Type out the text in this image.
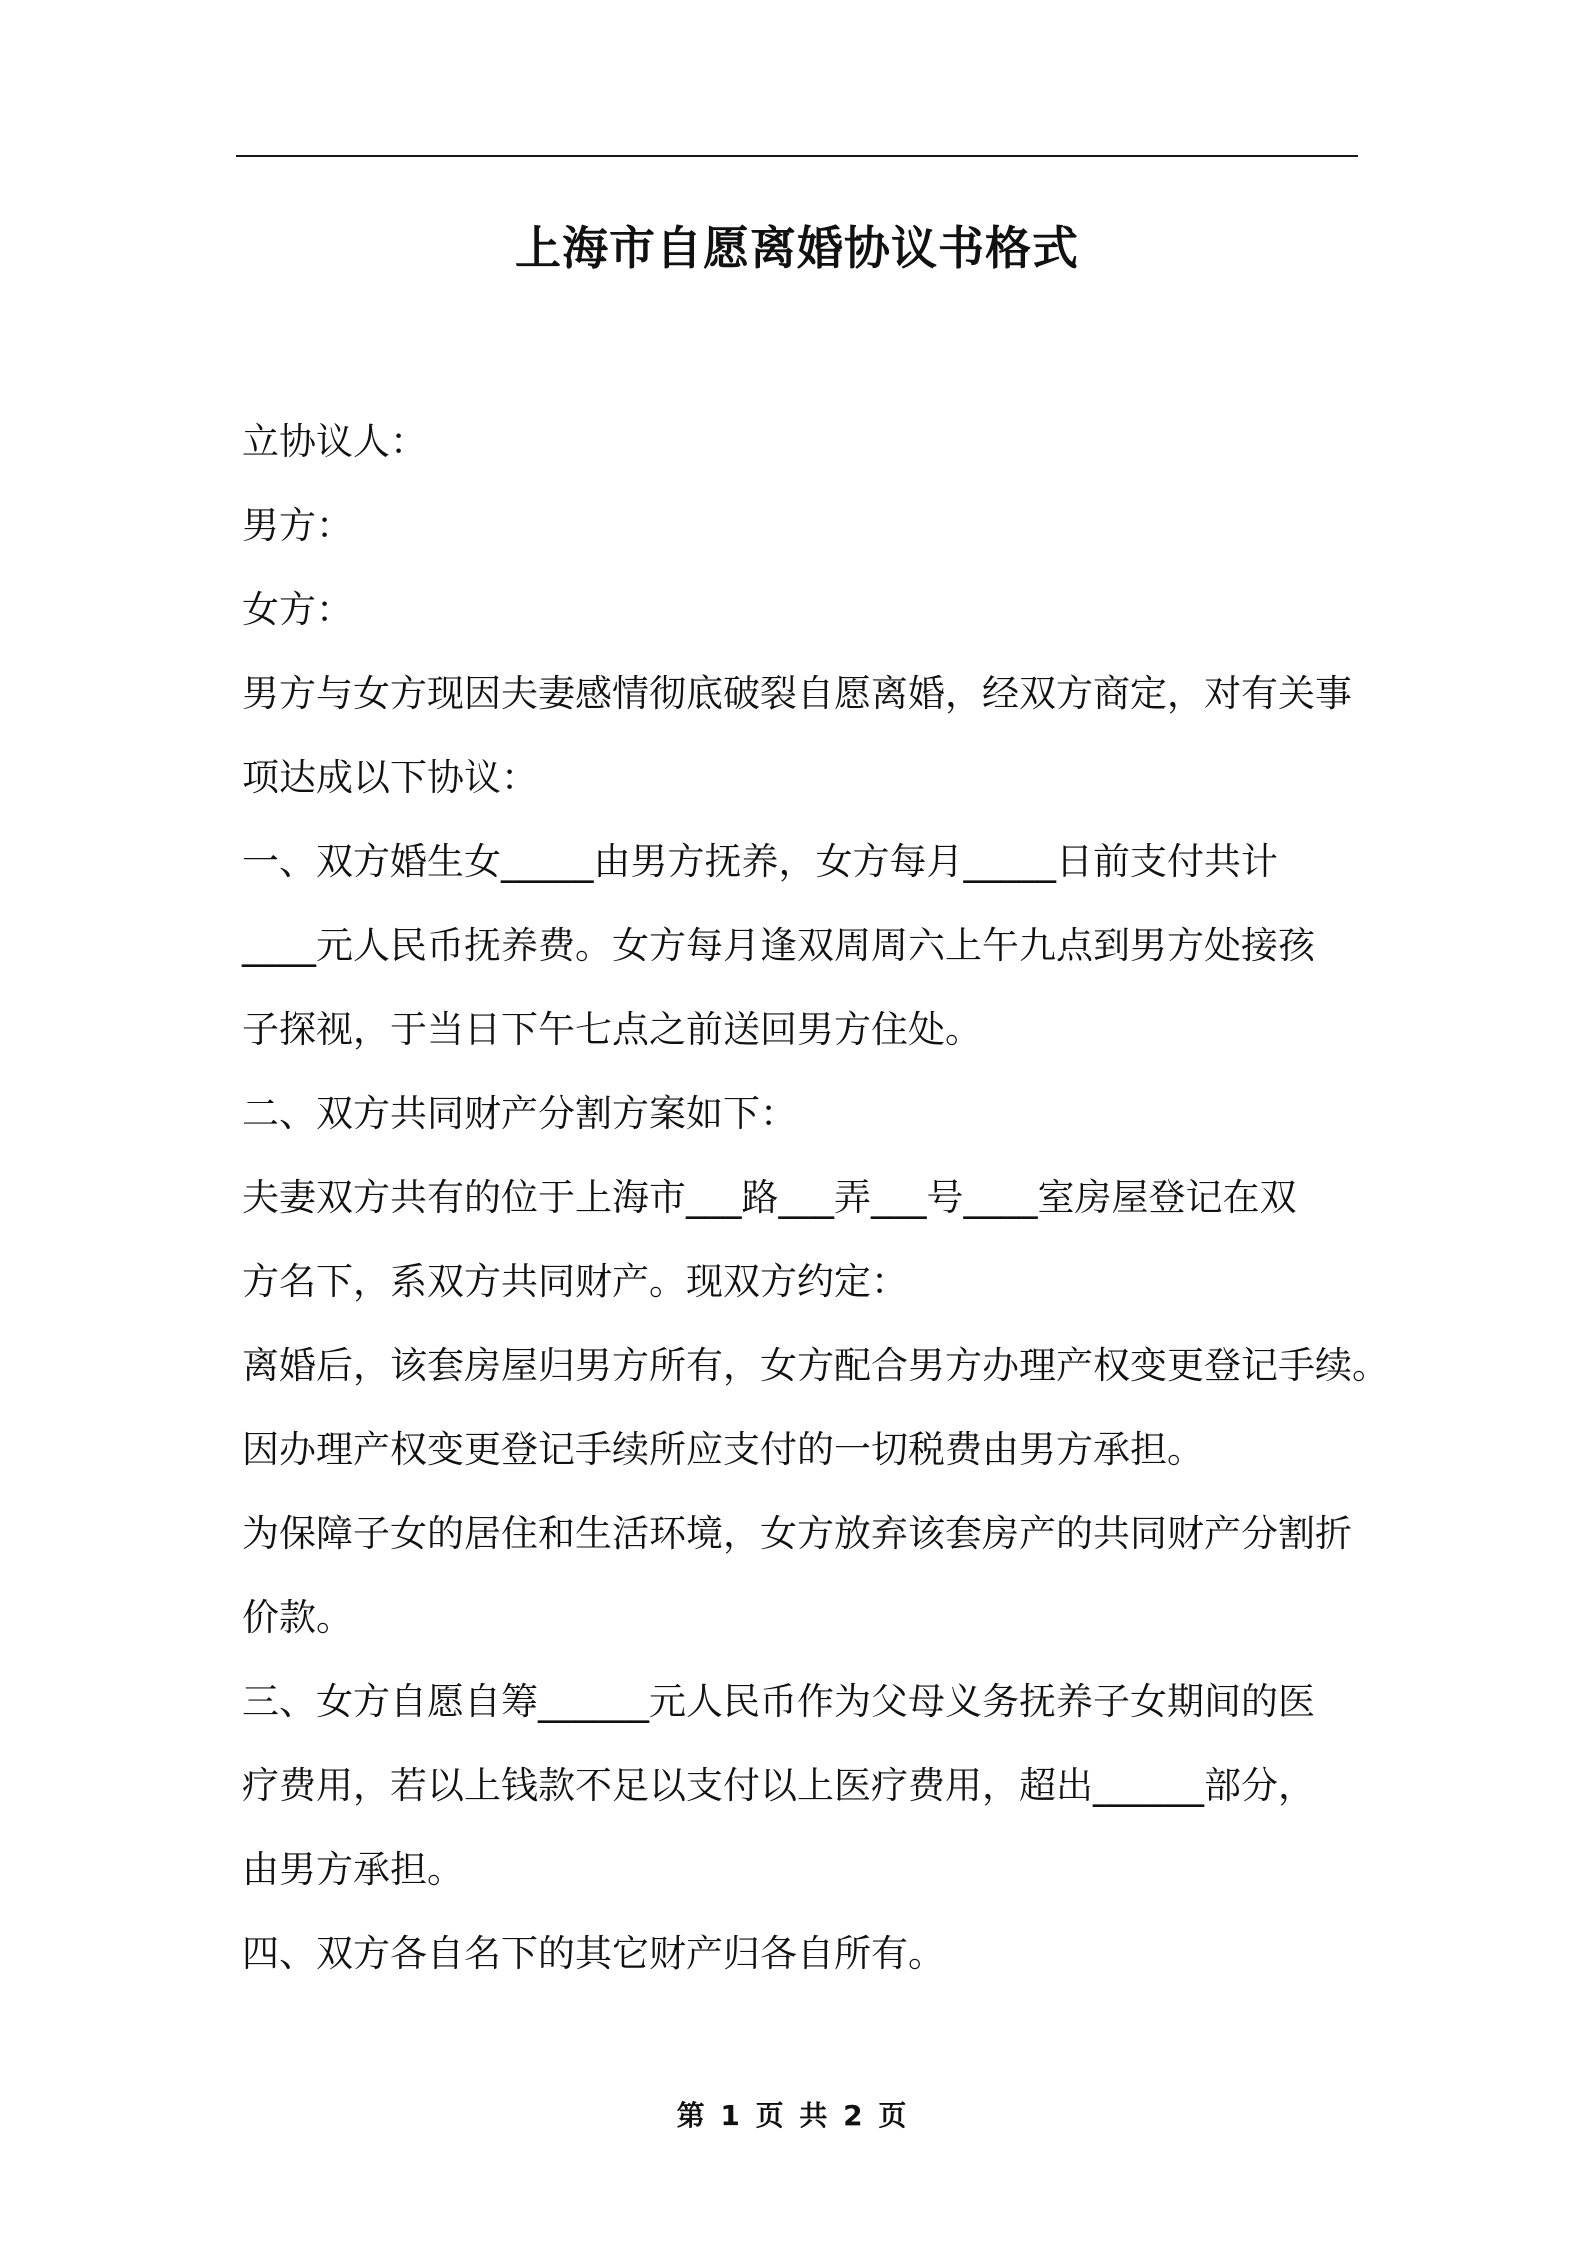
上海市自愿离婚协议书格式

立协议人：

男方：

女方：

男方与女方现因夫妻感情彻底破裂自愿离婚，经双方商定，对有关事

项达成以下协议：

一、双方婚生女_____由男方抚养，女方每月_____日前支付共计

____元人民币抚养费。女方每月逢双周周六上午九点到男方处接孩

子探视，于当日下午七点之前送回男方住处。

二、双方共同财产分割方案如下：

夫妻双方共有的位于上海市___路___弄___号____室房屋登记在双

方名下，系双方共同财产。现双方约定：

离婚后，该套房屋归男方所有，女方配合男方办理产权变更登记手续。

因办理产权变更登记手续所应支付的一切税费由男方承担。

为保障子女的居住和生活环境，女方放弃该套房产的共同财产分割折

价款。

三、女方自愿自筹______元人民币作为父母义务抚养子女期间的医

疗费用，若以上钱款不足以支付以上医疗费用，超出______部分，

由男方承担。

四、双方各自名下的其它财产归各自所有。

第 1 页 共 2 页
